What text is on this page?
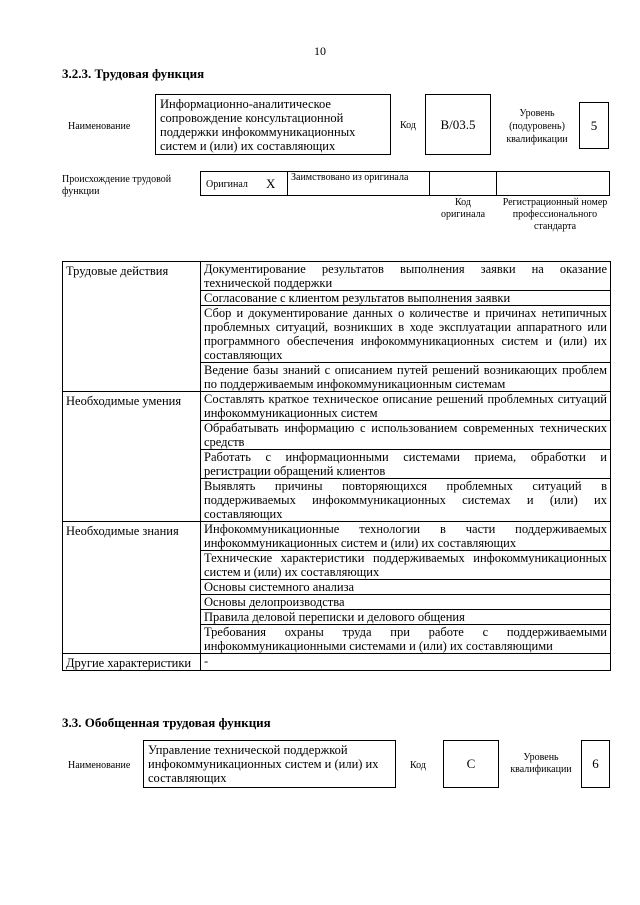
10
3.2.3. Трудовая функция
Наименование
Информационно-аналитическое сопровождение консультационной поддержки инфокоммуникационных систем и (или) их составляющих
Код	B/03.5
Уровень (подуровень) квалификации
5
Происхождение трудовой функции
Оригинал X Заимствовано из оригинала
Код оригинала
Регистрационный номер профессионального стандарта
Трудовые действия	Документирование результатов выполнения заявки на оказание технической поддержки
	Согласование с клиентом результатов выполнения заявки
	Сбор и документирование данных о количестве и причинах нетипичных проблемных ситуаций, возникших в ходе эксплуатации аппаратного или программного обеспечения инфокоммуникационных систем и (или) их составляющих
	Ведение базы знаний с описанием путей решений возникающих проблем по поддерживаемым инфокоммуникационным системам
Необходимые умения	Составлять краткое техническое описание решений проблемных ситуаций инфокоммуникационных систем
	Обрабатывать информацию с использованием современных технических средств
	Работать с информационными системами приема, обработки и регистрации обращений клиентов
	Выявлять причины повторяющихся проблемных ситуаций в поддерживаемых инфокоммуникационных системах и (или) их составляющих
Необходимые знания	Инфокоммуникационные технологии в части поддерживаемых инфокоммуникационных систем и (или) их составляющих
	Технические характеристики поддерживаемых инфокоммуникационных систем и (или) их составляющих
	Основы системного анализа
	Основы делопроизводства
	Правила деловой переписки и делового общения
	Требования охраны труда при работе с поддерживаемыми инфокоммуникационными системами и (или) их составляющими
Другие характеристики	-
3.3. Обобщенная трудовая функция
Наименование
Управление технической поддержкой инфокоммуникационных систем и (или) их составляющих
Код	C	Уровень квалификации	6
